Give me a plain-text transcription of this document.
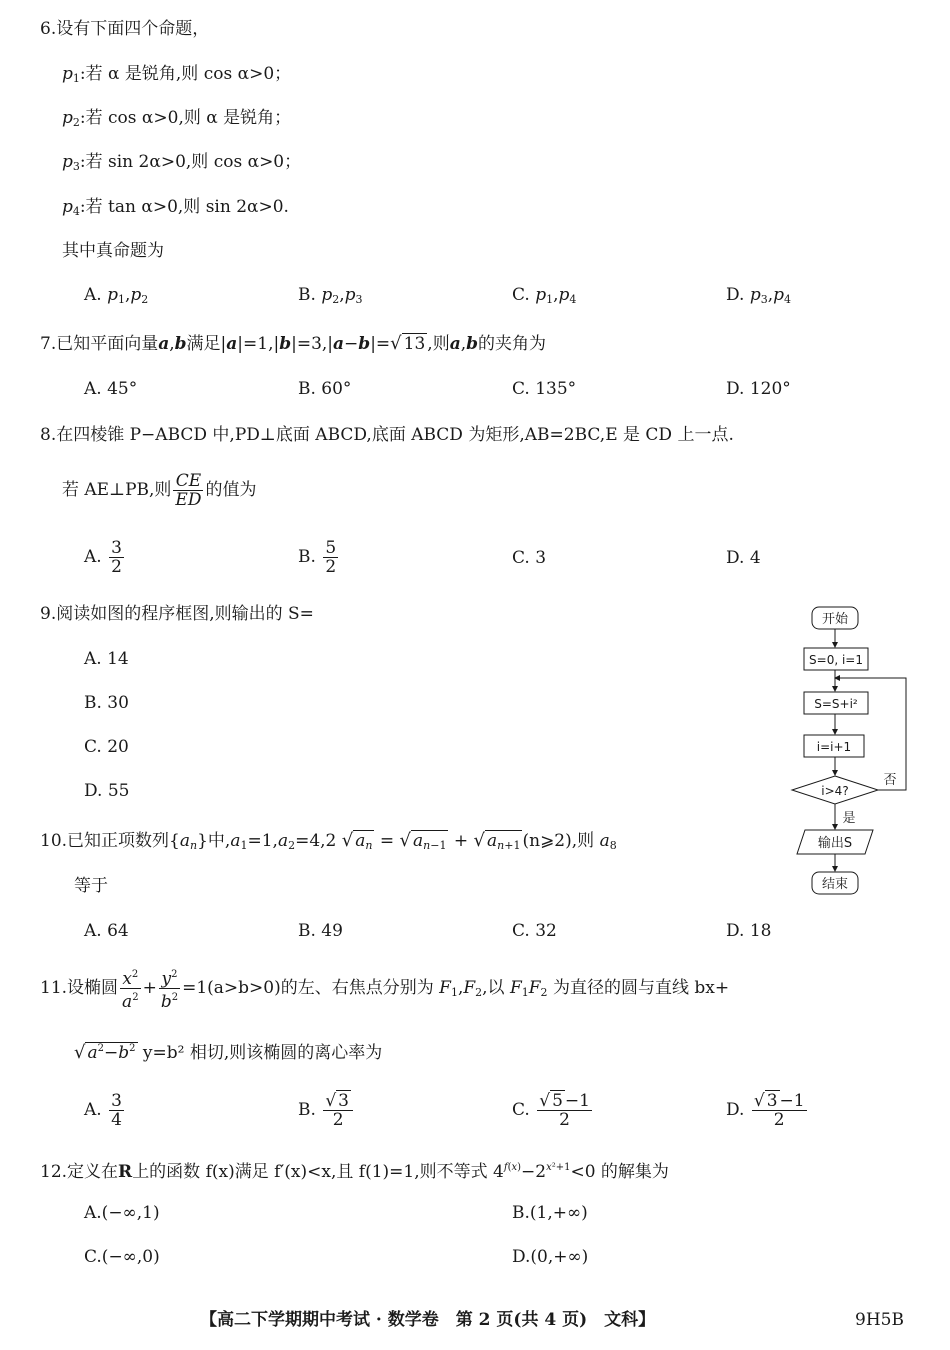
6.设有下面四个命题，
$p_1$:若 α 是锐角,则 cos α>0；
$p_2$:若 cos α>0,则 α 是锐角；
$p_3$:若 sin 2α>0,则 cos α>0；
$p_4$:若 tan α>0,则 sin 2α>0.
其中真命题为
A. $p_1,p_2$	B. $p_2,p_3$	C. $p_1,p_4$	D. $p_3,p_4$
7.已知平面向量a,b满足|a|=1,|b|=3,|a−b|=√ 13 ,则a,b的夹角为
A. 45°	B. 60°	C. 135°	D. 120°
8.在四棱锥 P−ABCD 中,PD⊥底面 ABCD,底面 ABCD 为矩形,AB=2BC,E 是 CD 上一点.
若 AE⊥PB,则 $\frac{CE}{ED}$ 的值为
A. $\frac{3}{2}$	B. $\frac{5}{2}$	C. 3	D. 4
9.阅读如图的程序框图,则输出的 S=
A. 14
B. 30
C. 20
D. 55
开始
S=0, i=1
S=S+i²
i=i+1
i>4?
否
是
输出S
结束
10.已知正项数列$\{a_n\}$中$,a_1=1,a_2=4,2$ √ $a_n$ = √ $a_{n-1}$ + √ $a_{n+1}$ (n⩾2),则 $a_8$
等于
A. 64	B. 49	C. 32	D. 18
11.设椭圆 $\frac{x^2}{a^2} + \frac{y^2}{b^2} =1(a>b>0)$的左、右焦点分别为 $F_1,F_2$,以 $F_1F_2$ 为直径的圆与直线 bx+
√ $a^2-b^2$ y=b² 相切,则该椭圆的离心率为
A. $\frac{3}{4}$	B. $\frac{√ 3}{2}$	C. $\frac{√ 5 -1}{2}$	D. $\frac{√ 3 -1}{2}$
12.定义在R上的函数 f(x)满足 f′(x)<x,且 f(1)=1,则不等式 $4^{f(x)}-2^{x^2+1}<0$ 的解集为
A.(−∞,1)	B.(1,+∞)
C.(−∞,0)	D.(0,+∞)
【高二下学期期中考试 · 数学卷　第 2 页(共 4 页)　文科】	9H5B
